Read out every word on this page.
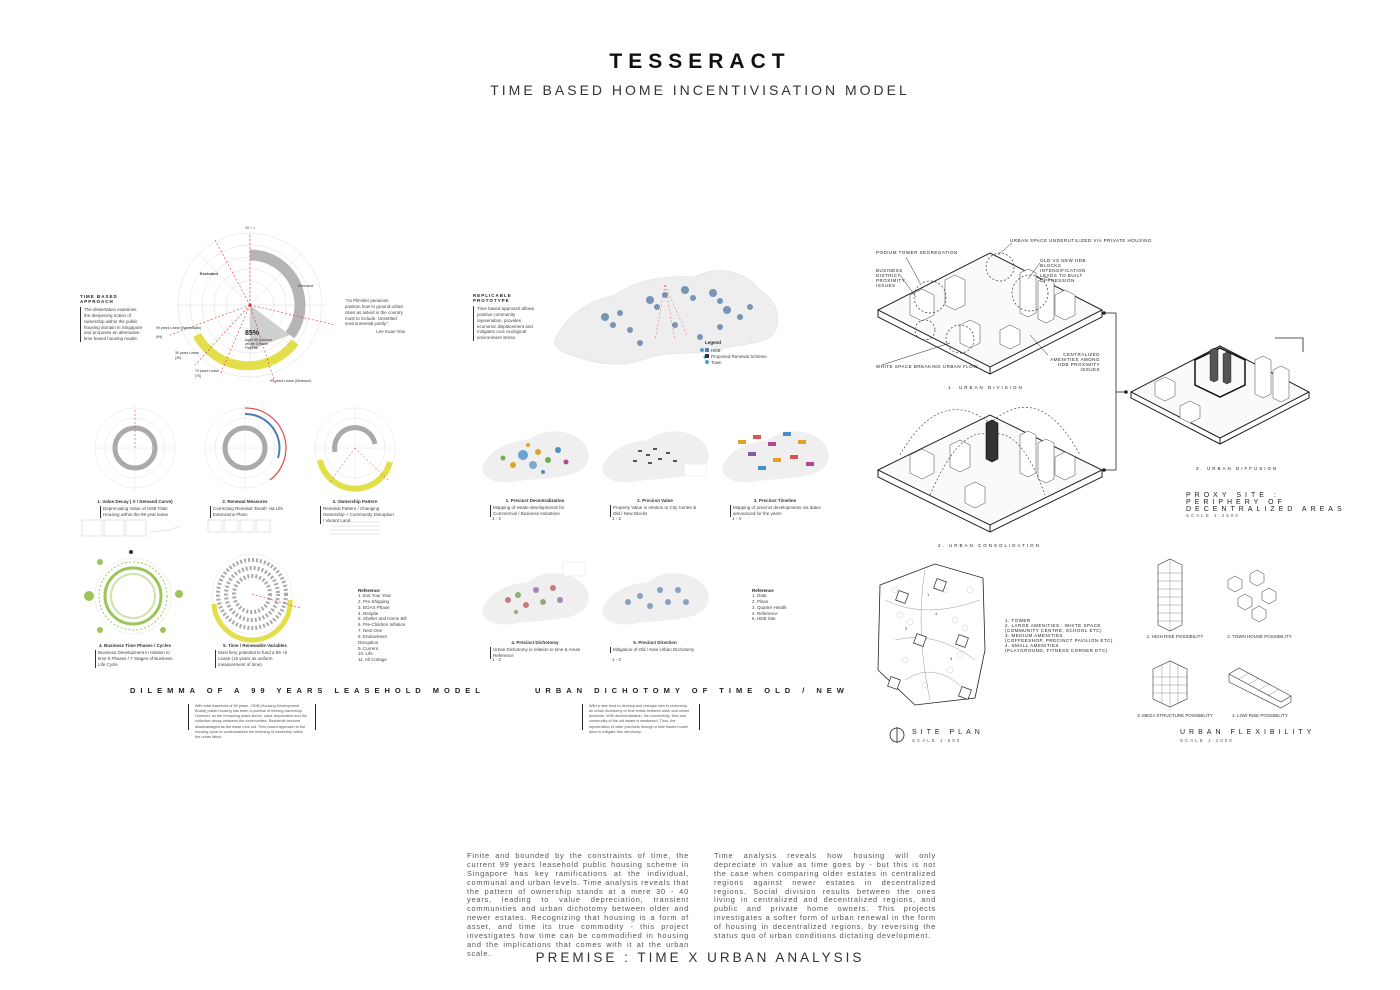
TESSERACT
TIME BASED HOME INCENTIVISATION MODEL
TIME BASED APPROACH
The dissertation examines the deepening notion of ownership within the public housing domain in Singapore and proposes an alternative time based housing model.
"As Plimsler pensions position how to ground urban cities as asked in the country must to include. Unsettled environmental jointly."
Lee Kuan Yew
99 + 1
Excluded
Demand
85%
Aged 65 & Above
will be 3 Room
Flat Flat
99 years Lease (Waiveduals)
(99)
30 years Lease
(30)
70 years Lease
(70)
99 years Lease (Minimum)
1. Value Decay ( X / Demand Curve)
Depreciating Value of HDB Flats Housing within the 99 year lease
2. Renewal Measures
Correcting Renewal 'Death' via Life Extensions Plans
3. Ownership Pattern
Renewal Pattern / Changing Ownership + Community Disruption / Vacant Land
4. Business Time Phases / Cycles
Business Development in relation to time 5 Phases / 7 Stages of Business Life Cycle
5. Time / Renewable Variables
Most fiery potential to fund a 99 +5 Lease (15 years as uniform measurement of time)
Reference
1. Exit Your Year
2. Pre-Shipping
3. BOAS Phase
4. Respite
5. Shelter and Home Bill
6. Pre-Children Inflation
7. Next One
8. Endowment Disruption
9. Current
10. Life
11. All Cottage
DILEMMA OF A 99 YEARS LEASEHOLD MODEL
With total leasehold of 99 years - HDB (Housing Development Board) public housing has been a promise of lifelong ownership. However, as the remaining years shrink, value depreciates and the collective decay weakens the communities. Residents become disadvantaged as the lease runs out. Time based approach to the housing cycle re-contextualizes the meaning of ownership within the urban fabric.
REPLICABLE PROTOTYPE
Time based approach allows positive community rejuvenation, provides economic displacement and mitigates civic ecological environment stress.
Legend
HDB
Proposed Renewal Scheme
Town
1. Precinct Decentralization
Mapping of estate developments for Commercial / Business Industries
1 - 2
2. Precinct Value
Property Value in relation to City Centre & Old / New Blocks
1 - 2
3. Precinct Timeline
Mapping of precinct developments via dates announced for the years
1 - 4
4. Precinct Dichotomy
Urban Dichotomy in relation to time & Areas Reference
1 - 2
5. Precinct Direction
Mitigation of Old / New Urban Dichotomy
1 - 2
Reference
1. Data
2. Plans
3. Quarter Health
4. Reference
5. HDB Site
URBAN DICHOTOMY OF TIME OLD / NEW
With a new tend to develop and reshape new to redevelop, an urban dichotomy of time exists between older and newer precincts. With decentralization, the connectivity, flow and community of the old estate is weakened. Thus, the rejuvenation of older precincts through a time based model aims to mitigate this dichotomy.
PODIUM TOWER SEGREGATION
URBAN SPACE UNDERUTILIZED VIA PRIVATE HOUSING
BUSINESS DISTRICT PROXIMITY ISSUES
OLD VS NEW HDB BLOCKS INTENSIFICATION LEADS TO BUILT OPPRESSION
CENTRALIZED AMENITIES AMONG HDB PROXIMITY ISSUES
WHITE SPACE BREAKING URBAN FLOW
1. URBAN DIVISION
2. URBAN CONSOLIDATION
3. URBAN DIFFUSION
PROXY SITE :
PERIPHERY OF
DECENTRALIZED AREAS
SCALE 1:2500
1
2
3
4
1. TOWER
2. LARGE AMENITIES : WHITE SPACE
(COMMUNITY CENTRE, SCHOOL ETC)
3. MEDIUM AMENITIES
(COFFEESHOP, PRECINCT PAVILION ETC)
4. SMALL AMENITIES
(PLAYGROUND, FITNESS CORNER ETC)
SITE PLAN
SCALE 1:500
1. HIGH RISE POSSIBILITY	2. TOWN HOUSE POSSIBILITY
3. MEGA STRUCTURE POSSIBILITY	4. LOW RISE POSSIBILITY
URBAN FLEXIBILITY
SCALE 1:1000
Finite and bounded by the constraints of time, the current 99 years leasehold public housing scheme in Singapore has key ramifications at the individual, communal and urban levels. Time analysis reveals that the pattern of ownership stands at a mere 30 - 40 years, leading to value depreciation, transient communities and urban dichotomy between older and newer estates. Recognizing that housing is a form of asset, and time its true commodity - this project investigates how time can be commodified in housing and the implications that comes with it at the urban scale.
Time analysis reveals how housing will only depreciate in value as time goes by - but this is not the case when comparing older estates in centralized regions against newer estates in decentralized regions. Social division results between the ones living in centralized and decentralized regions, and public and private home owners. This projects investigates a softer form of urban renewal in the form of housing in decentralized regions, by reversing the status quo of urban conditions dictating development.
PREMISE : TIME X URBAN ANALYSIS
